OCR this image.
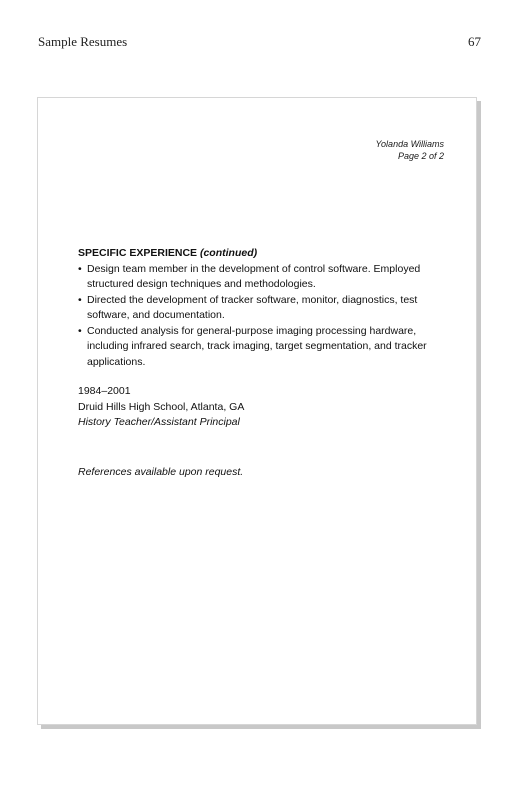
Sample Resumes	67
Yolanda Williams
Page 2 of 2

SPECIFIC EXPERIENCE (continued)

• Design team member in the development of control software. Employed structured design techniques and methodologies.
• Directed the development of tracker software, monitor, diagnostics, test software, and documentation.
• Conducted analysis for general-purpose imaging processing hardware, including infrared search, track imaging, target segmentation, and tracker applications.
1984–2001
Druid Hills High School, Atlanta, GA
History Teacher/Assistant Principal
References available upon request.
